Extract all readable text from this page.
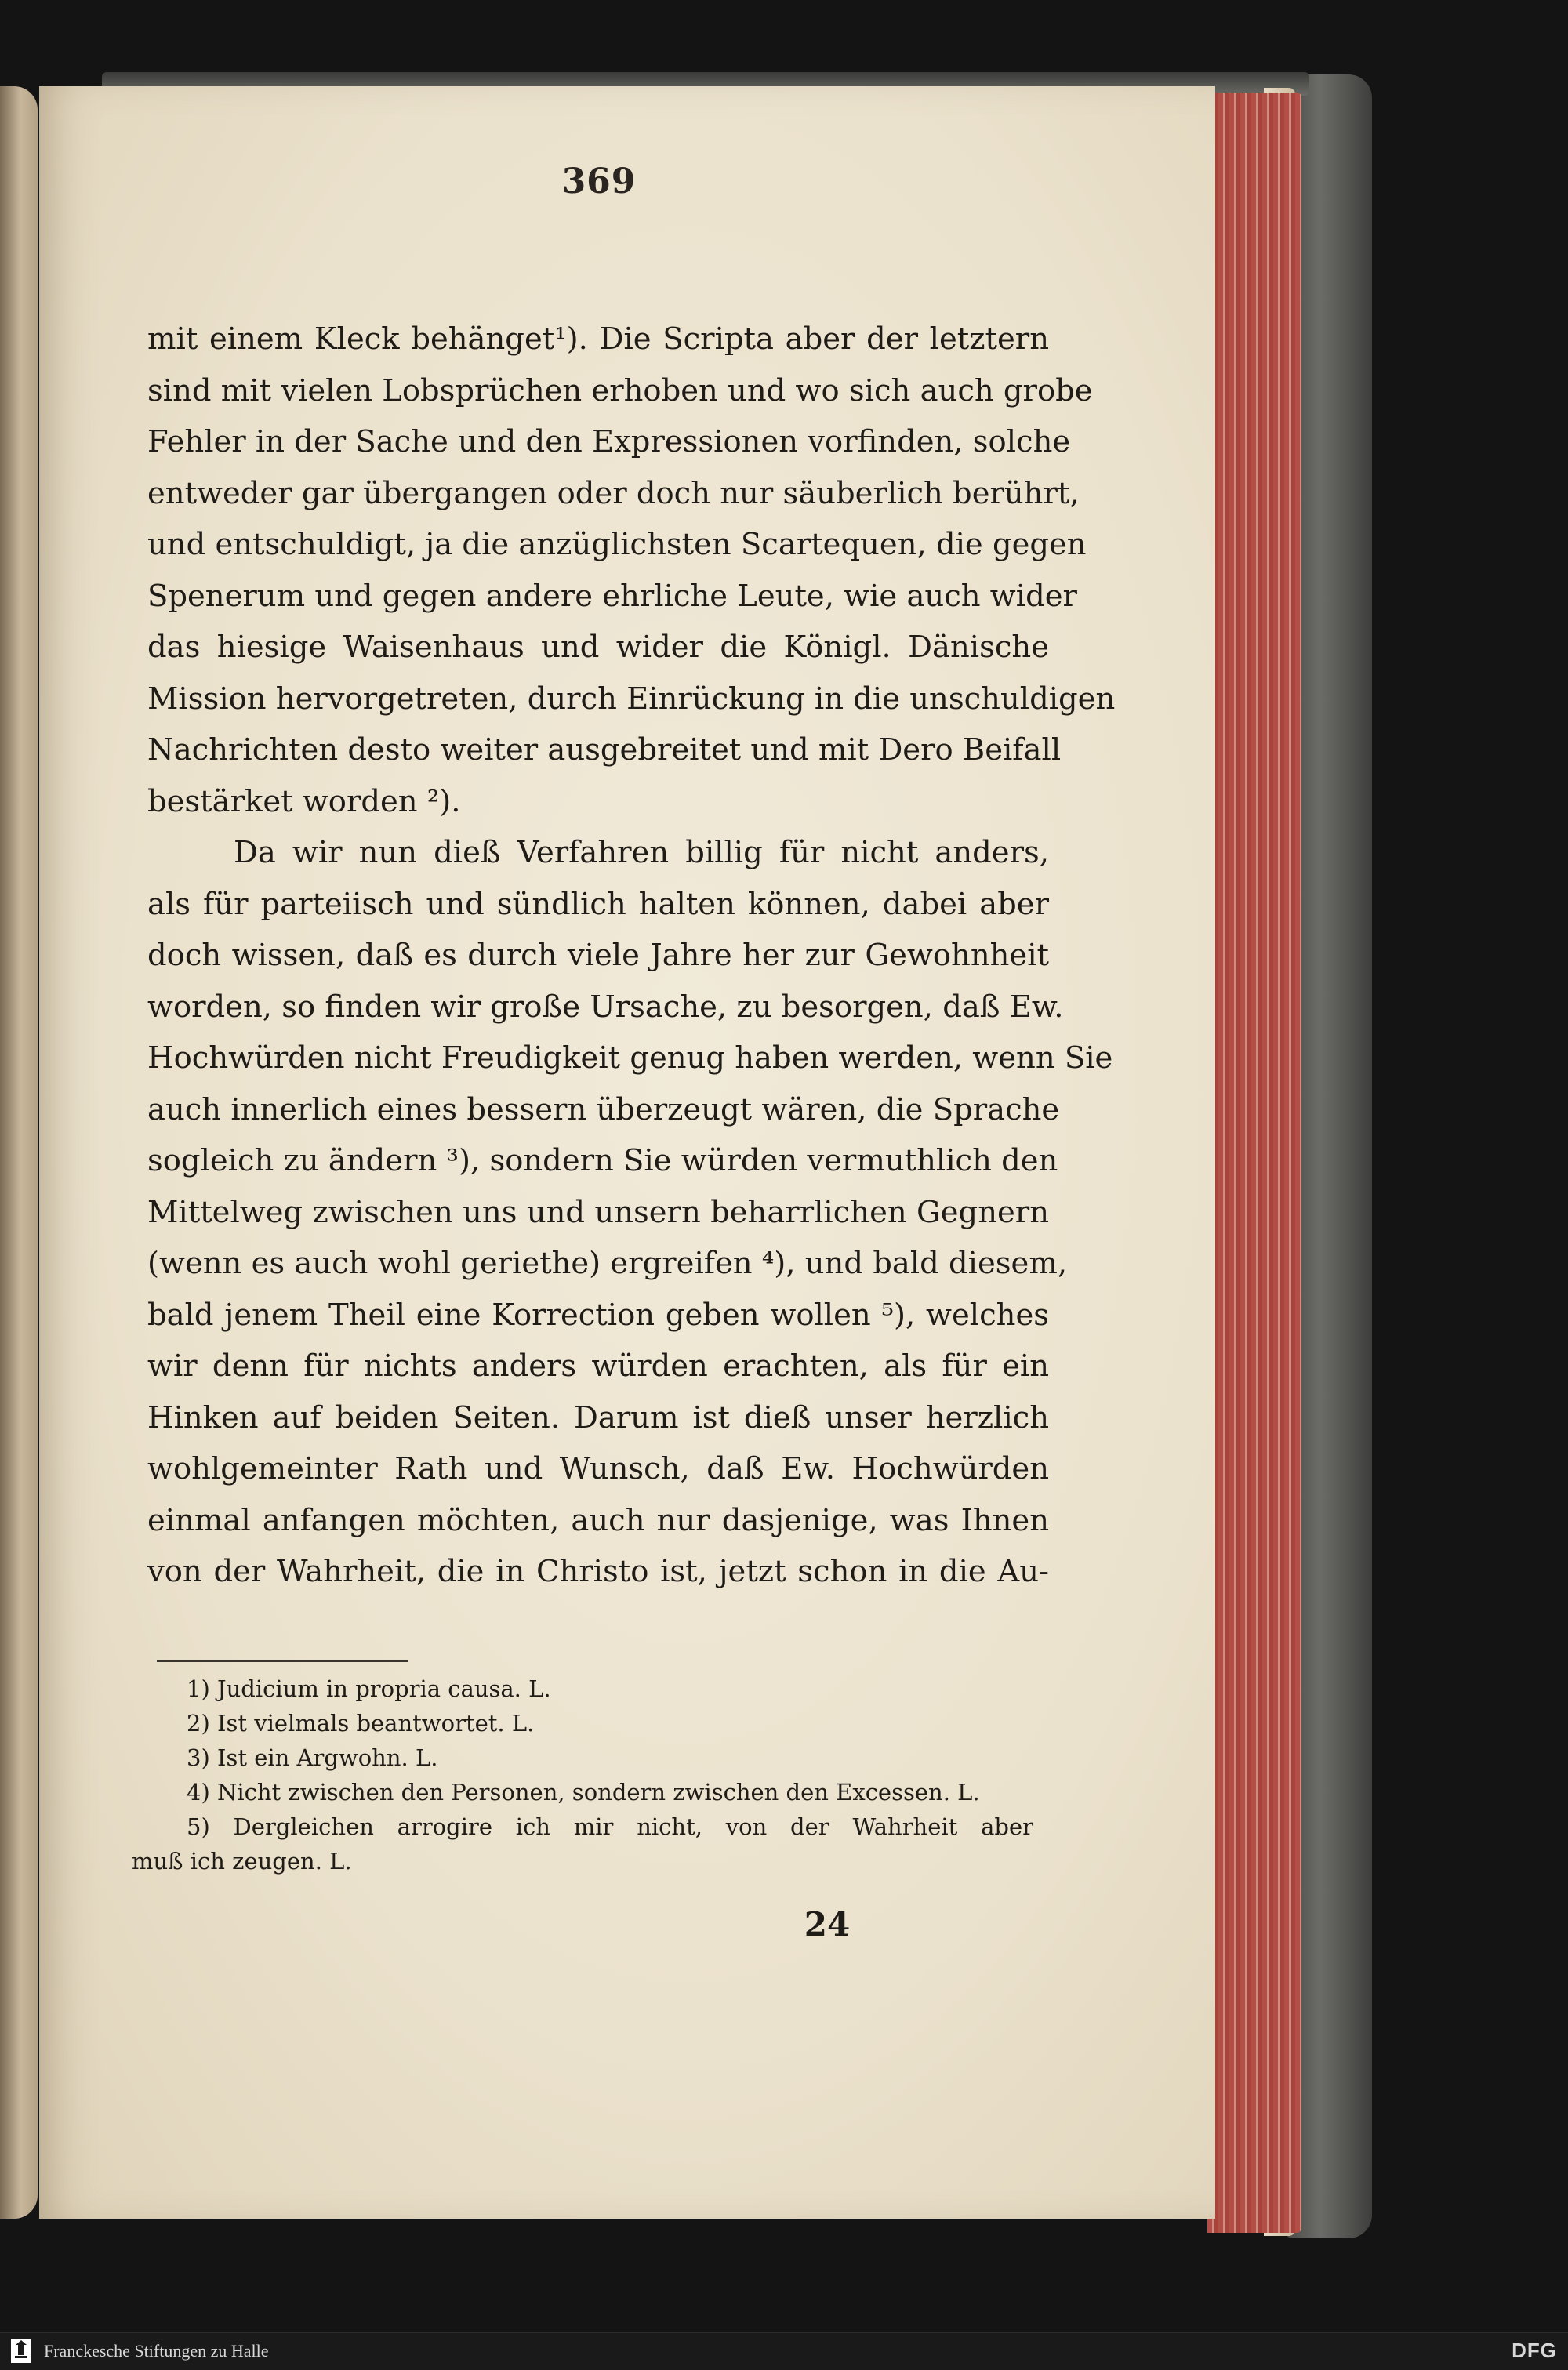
369
mit einem Kleck behänget¹). Die Scripta aber der letztern
sind mit vielen Lobsprüchen erhoben und wo sich auch grobe
Fehler in der Sache und den Expressionen vorfinden, solche
entweder gar übergangen oder doch nur säuberlich berührt,
und entschuldigt, ja die anzüglichsten Scartequen, die gegen
Spenerum und gegen andere ehrliche Leute, wie auch wider
das hiesige Waisenhaus und wider die Königl. Dänische
Mission hervorgetreten, durch Einrückung in die unschuldigen
Nachrichten desto weiter ausgebreitet und mit Dero Beifall
bestärket worden ²).
Da wir nun dieß Verfahren billig für nicht anders,
als für parteiisch und sündlich halten können, dabei aber
doch wissen, daß es durch viele Jahre her zur Gewohnheit
worden, so finden wir große Ursache, zu besorgen, daß Ew.
Hochwürden nicht Freudigkeit genug haben werden, wenn Sie
auch innerlich eines bessern überzeugt wären, die Sprache
sogleich zu ändern ³), sondern Sie würden vermuthlich den
Mittelweg zwischen uns und unsern beharrlichen Gegnern
(wenn es auch wohl geriethe) ergreifen ⁴), und bald diesem,
bald jenem Theil eine Korrection geben wollen ⁵), welches
wir denn für nichts anders würden erachten, als für ein
Hinken auf beiden Seiten. Darum ist dieß unser herzlich
wohlgemeinter Rath und Wunsch, daß Ew. Hochwürden
einmal anfangen möchten, auch nur dasjenige, was Ihnen
von der Wahrheit, die in Christo ist, jetzt schon in die Au-
1) Judicium in propria causa. L.
2) Ist vielmals beantwortet. L.
3) Ist ein Argwohn. L.
4) Nicht zwischen den Personen, sondern zwischen den Excessen. L.
5) Dergleichen arrogire ich mir nicht, von der Wahrheit aber
muß ich zeugen. L.
24
Franckesche Stiftungen zu Halle	DFG
